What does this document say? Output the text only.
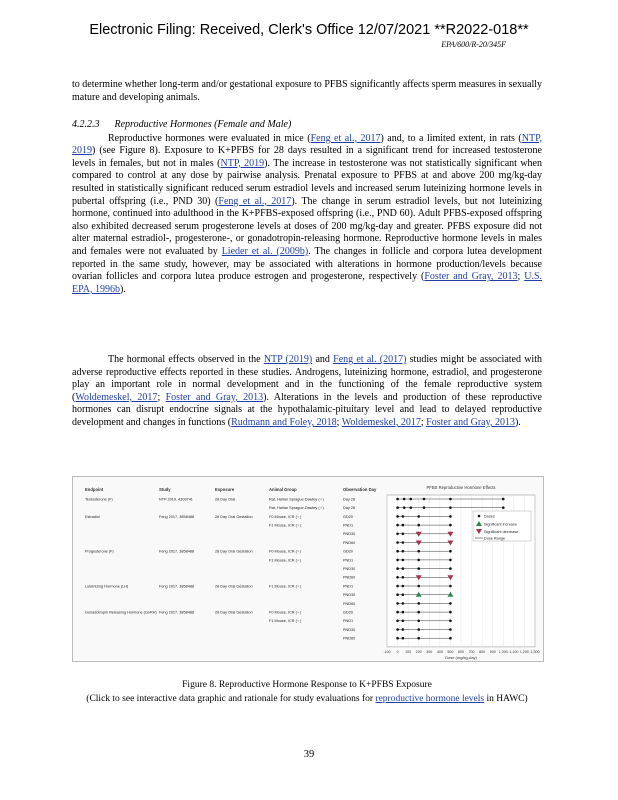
Electronic Filing: Received, Clerk's Office 12/07/2021 **R2022-018**
EPA/600/R-20/345F
to determine whether long-term and/or gestational exposure to PFBS significantly affects sperm measures in sexually mature and developing animals.
4.2.2.3 Reproductive Hormones (Female and Male)
Reproductive hormones were evaluated in mice (Feng et al., 2017) and, to a limited extent, in rats (NTP, 2019) (see Figure 8). Exposure to K+PFBS for 28 days resulted in a significant trend for increased testosterone levels in females, but not in males (NTP, 2019). The increase in testosterone was not statistically significant when compared to control at any dose by pairwise analysis. Prenatal exposure to PFBS at and above 200 mg/kg-day resulted in statistically significant reduced serum estradiol levels and increased serum luteinizing hormone levels in pubertal offspring (i.e., PND 30) (Feng et al., 2017). The change in serum estradiol levels, but not luteinizing hormone, continued into adulthood in the K+PFBS-exposed offspring (i.e., PND 60). Adult PFBS-exposed offspring also exhibited decreased serum progesterone levels at doses of 200 mg/kg-day and greater. PFBS exposure did not alter maternal estradiol-, progesterone-, or gonadotropin-releasing hormone. Reproductive hormone levels in males and females were not evaluated by Lieder et al. (2009b). The changes in follicle and corpora lutea development reported in the same study, however, may be associated with alterations in hormone production/levels because ovarian follicles and corpora lutea produce estrogen and progesterone, respectively (Foster and Gray, 2013; U.S. EPA, 1996b).
The hormonal effects observed in the NTP (2019) and Feng et al. (2017) studies might be associated with adverse reproductive effects reported in these studies. Androgens, luteinizing hormone, estradiol, and progesterone play an important role in normal development and in the functioning of the female reproductive system (Woldemeskel, 2017; Foster and Gray, 2013). Alterations in the levels and production of these reproductive hormones can disrupt endocrine signals at the hypothalamic-pituitary level and lead to delayed reproductive development and changes in functions (Rudmann and Foley, 2018; Woldemeskel, 2017; Foster and Gray, 2013).
Endpoint	Study	Exposure	Animal Group	Observation Day	PFBS Reproductive Hormone Effects
-100 0 100 200 300 400 500 600 700 800 900 1,000 1,100 1,200 1,300
Dose (mg/kg-day)
Testosterone (F)	NTP 2019, 4309741	28 Day Oral	Rat, Harlan Sprague-Dawley (♀)	Day 28
Rat, Harlan Sprague-Dawley (♂)	Day 28
Estradiol	Feng 2017, 3858488	28 Day Oral Gestation	F0 Mouse, ICR (♀)	GD20
F1 Mouse, ICR (♀)	PND1
PND30
PND60
Progesterone (F)	Feng 2017, 3858488	28 Day Oral Gestation	F0 Mouse, ICR (♀)	GD20
F1 Mouse, ICR (♀)	PND1
PND30
PND60
Luteinizing Hormone (LH)	Feng 2017, 3858488	28 Day Oral Gestation	F1 Mouse, ICR (♀)	PND1
PND30
PND60
Gonadotropin Releasing Hormone (GnRH) Feng 2017, 3858488	28 Day Oral Gestation	F0 Mouse, ICR (♀)	GD20
F1 Mouse, ICR (♀)	PND1
PND30
PND60
Doses
Significant increase
Significant decrease
Dose Range
Figure 8. Reproductive Hormone Response to K+PFBS Exposure
(Click to see interactive data graphic and rationale for study evaluations for reproductive hormone levels in HAWC)
39
